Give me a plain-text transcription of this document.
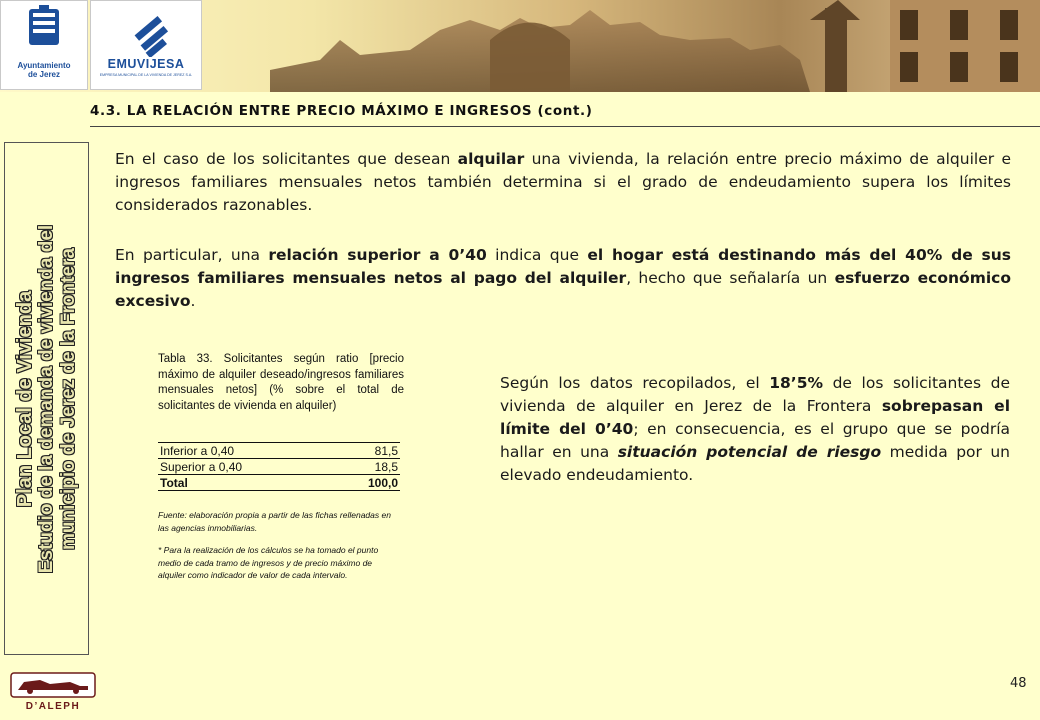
Ayuntamiento
de Jerez
EMUVIJESA
EMPRESA MUNICIPAL DE LA VIVIENDA DE JEREZ S.A.
4.3. LA RELACIÓN ENTRE PRECIO MÁXIMO E INGRESOS (cont.)
Plan Local de Vivienda Estudio de la demanda de vivienda del municipio de Jerez de la Frontera
En el caso de los solicitantes que desean alquilar una vivienda, la relación entre precio máximo de alquiler e ingresos familiares mensuales netos también determina si el grado de endeudamiento supera los límites considerados razonables.
En particular, una relación superior a 0’40 indica que el hogar está destinando más del 40% de sus ingresos familiares mensuales netos al pago del alquiler, hecho que señalaría un esfuerzo económico excesivo.
Tabla 33. Solicitantes según ratio [precio máximo de alquiler deseado/ingresos familiares mensuales netos] (% sobre el total de solicitantes de vivienda en alquiler)
Inferior a 0,40	81,5
Superior a 0,40	18,5
Total	100,0
Fuente: elaboración propia a partir de las fichas rellenadas en las agencias inmobiliarias.
* Para la realización de los cálculos se ha tomado el punto medio de cada tramo de ingresos y de precio máximo de alquiler como indicador de valor de cada intervalo.
Según los datos recopilados, el 18’5% de los solicitantes de vivienda de alquiler en Jerez de la Frontera sobrepasan el límite del 0’40; en consecuencia, es el grupo que se podría hallar en una situación potencial de riesgo medida por un elevado endeudamiento.
D’ALEPH
48
